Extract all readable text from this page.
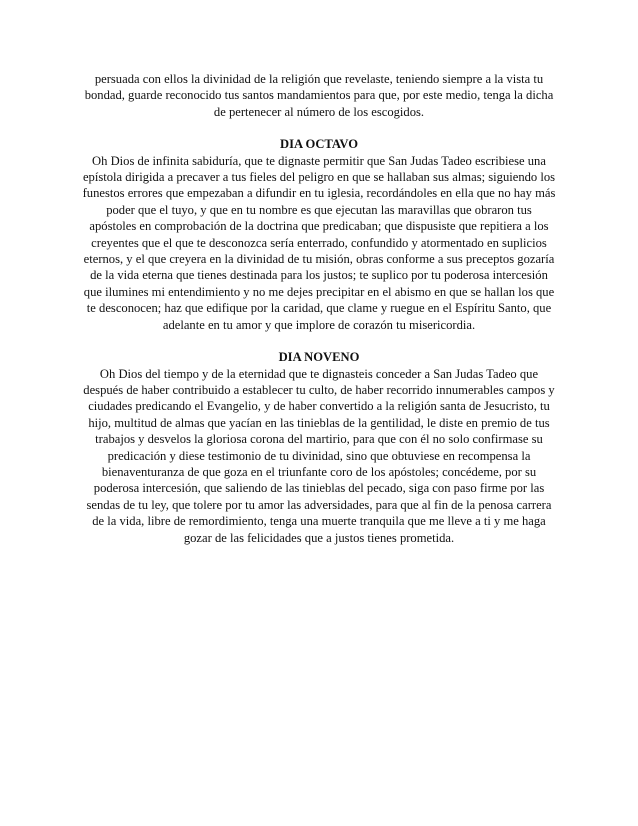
persuada con ellos la divinidad de la religión que revelaste, teniendo siempre a la vista tu bondad, guarde reconocido tus santos mandamientos para que, por este medio, tenga la dicha de pertenecer al número de los escogidos.

DIA OCTAVO

Oh Dios de infinita sabiduría, que te dignaste permitir que San Judas Tadeo escribiese una epístola dirigida a precaver a tus fieles del peligro en que se hallaban sus almas; siguiendo los funestos errores que empezaban a difundir en tu iglesia, recordándoles en ella que no hay más poder que el tuyo, y que en tu nombre es que ejecutan las maravillas que obraron tus apóstoles en comprobación de la doctrina que predicaban; que dispusiste que repitiera a los creyentes que el que te desconozca sería enterrado, confundido y atormentado en suplicios eternos, y el que creyera en la divinidad de tu misión, obras conforme a sus preceptos gozaría de la vida eterna que tienes destinada para los justos; te suplico por tu poderosa intercesión que ilumines mi entendimiento y no me dejes precipitar en el abismo en que se hallan los que te desconocen; haz que edifique por la caridad, que clame y ruegue en el Espíritu Santo, que adelante en tu amor y que implore de corazón tu misericordia.

DIA NOVENO

Oh Dios del tiempo y de la eternidad que te dignasteis conceder a San Judas Tadeo que después de haber contribuido a establecer tu culto, de haber recorrido innumerables campos y ciudades predicando el Evangelio, y de haber convertido a la religión santa de Jesucristo, tu hijo, multitud de almas que yacían en las tinieblas de la gentilidad, le diste en premio de tus trabajos y desvelos la gloriosa corona del martirio, para que con él no solo confirmase su predicación y diese testimonio de tu divinidad, sino que obtuviese en recompensa la bienaventuranza de que goza en el triunfante coro de los apóstoles; concédeme, por su poderosa intercesión, que saliendo de las tinieblas del pecado, siga con paso firme por las sendas de tu ley, que tolere por tu amor las adversidades, para que al fin de la penosa carrera de la vida, libre de remordimiento, tenga una muerte tranquila que me lleve a ti y me haga gozar de las felicidades que a justos tienes prometida.
